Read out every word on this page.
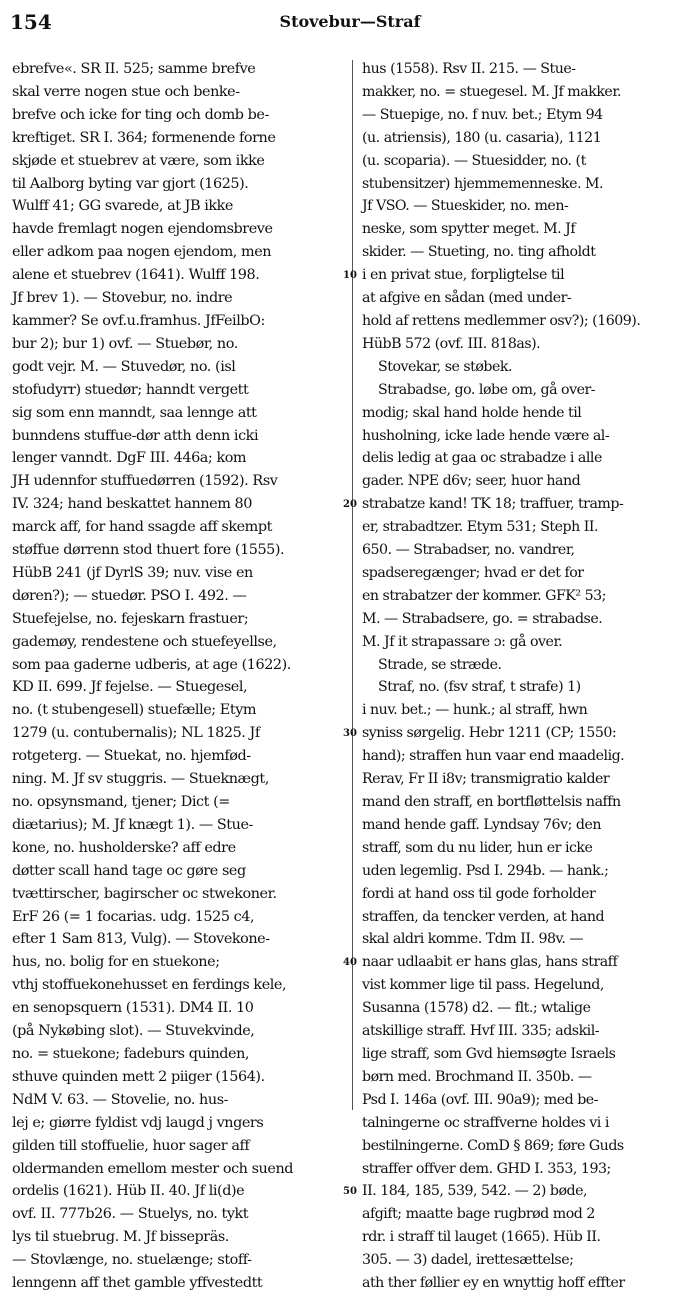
154	Stovebur—Straf

ebrefve«. SR II. 525; samme brefve

skal verre nogen stue och benke-

brefve och icke for ting och domb be-

kreftiget. SR I. 364; formenende forne

skjøde et stuebrev at være, som ikke

til Aalborg byting var gjort (1625).

Wulff 41; GG svarede, at JB ikke

havde fremlagt nogen ejendomsbreve

eller adkom paa nogen ejendom, men

alene et stuebrev (1641). Wulff 198.

Jf brev 1). — Stovebur, no. indre

kammer? Se ovf.u.framhus. JfFeilbO:

bur 2); bur 1) ovf. — Stuebør, no.

godt vejr. M. — Stuvedør, no. (isl

stofudyrr) stuedør; hanndt vergett

sig som enn manndt, saa lennge att

bunndens stuffue-dør atth denn icki

lenger vanndt. DgF III. 446a; kom

JH udennfor stuffuedørren (1592). Rsv

IV. 324; hand beskattet hannem 80

marck aff, for hand ssagde aff skempt

støffue dørrenn stod thuert fore (1555).

HübB 241 (jf DyrlS 39; nuv. vise en

døren?); — stuedør. PSO I. 492. —

Stuefejelse, no. fejeskarn frastuer;

gademøy, rendestene och stuefeyellse,

som paa gaderne udberis, at age (1622).

KD II. 699. Jf fejelse. — Stuegesel,

no. (t stubengesell) stuefælle; Etym

1279 (u. contubernalis); NL 1825. Jf

rotgeterg. — Stuekat, no. hjemfød-

ning. M. Jf sv stuggris. — Stueknægt,

no. opsynsmand, tjener; Dict (=

diætarius); M. Jf knægt 1). — Stue-

kone, no. husholderske? aff edre

døtter scall hand tage oc gøre seg

tvættirscher, bagirscher oc stwekoner.

ErF 26 (= 1 focarias. udg. 1525 c4,

efter 1 Sam 813, Vulg). — Stovekone-

hus, no. bolig for en stuekone;

vthj stoffuekonehusset en ferdings kele,

en senopsquern (1531). DM4 II. 10

(på Nykøbing slot). — Stuvekvinde,

no. = stuekone; fadeburs quinden,

sthuve quinden mett 2 piiger (1564).

NdM V. 63. — Stovelie, no. hus-

lej e; giørre fyldist vdj laugd j vngers

gilden till stoffuelie, huor sager aff

oldermanden emellom mester och suend

ordelis (1621). Hüb II. 40. Jf li(d)e

ovf. II. 777b26. — Stuelys, no. tykt

lys til stuebrug. M. Jf bissepräs.

— Stovlænge, no. stuelænge; stoff-

lenngenn aff thet gamble yffvestedtt

hus (1558). Rsv II. 215. — Stue-

makker, no. = stuegesel. M. Jf makker.

— Stuepige, no. f nuv. bet.; Etym 94

(u. atriensis), 180 (u. casaria), 1121

(u. scoparia). — Stuesidder, no. (t

stubensitzer) hjemmemenneske. M.

Jf VSO. — Stueskider, no. men-

neske, som spytter meget. M. Jf

skider. — Stueting, no. ting afholdt

i en privat stue, forpligtelse til

at afgive en sådan (med under-

hold af rettens medlemmer osv?); (1609).

HübB 572 (ovf. III. 818as).

Stovekar, se støbek.

Strabadse, go. løbe om, gå over-

modig; skal hand holde hende til

husholning, icke lade hende være al-

delis ledig at gaa oc strabadze i alle

gader. NPE d6v; seer, huor hand

strabatze kand! TK 18; traffuer, tramp-

er, strabadtzer. Etym 531; Steph II.

650. — Strabadser, no. vandrer,

spadseregænger; hvad er det for

en strabatzer der kommer. GFK² 53;

M. — Strabadsere, go. = strabadse.

M. Jf it strapassare ɔ: gå over.

Strade, se stræde.

Straf, no. (fsv straf, t strafe) 1)

i nuv. bet.; — hunk.; al straff, hwn

syniss sørgelig. Hebr 1211 (CP; 1550:

hand); straffen hun vaar end maadelig.

Rerav, Fr II i8v; transmigratio kalder

mand den straff, en bortfløttelsis naffn

mand hende gaff. Lyndsay 76v; den

straff, som du nu lider, hun er icke

uden legemlig. Psd I. 294b. — hank.;

fordi at hand oss til gode forholder

straffen, da tencker verden, at hand

skal aldri komme. Tdm II. 98v. —

naar udlaabit er hans glas, hans straff

vist kommer lige til pass. Hegelund,

Susanna (1578) d2. — flt.; wtalige

atskillige straff. Hvf III. 335; adskil-

lige straff, som Gvd hiemsøgte Israels

børn med. Brochmand II. 350b. —

Psd I. 146a (ovf. III. 90a9); med be-

talningerne oc straffverne holdes vi i

bestilningerne. ComD § 869; føre Guds

straffer offver dem. GHD I. 353, 193;

II. 184, 185, 539, 542. — 2) bøde,

afgift; maatte bage rugbrød mod 2

rdr. i straff til lauget (1665). Hüb II.

305. — 3) dadel, irettesættelse;

ath ther føllier ey en wnyttig hoff effter

10
20
30
40
50
